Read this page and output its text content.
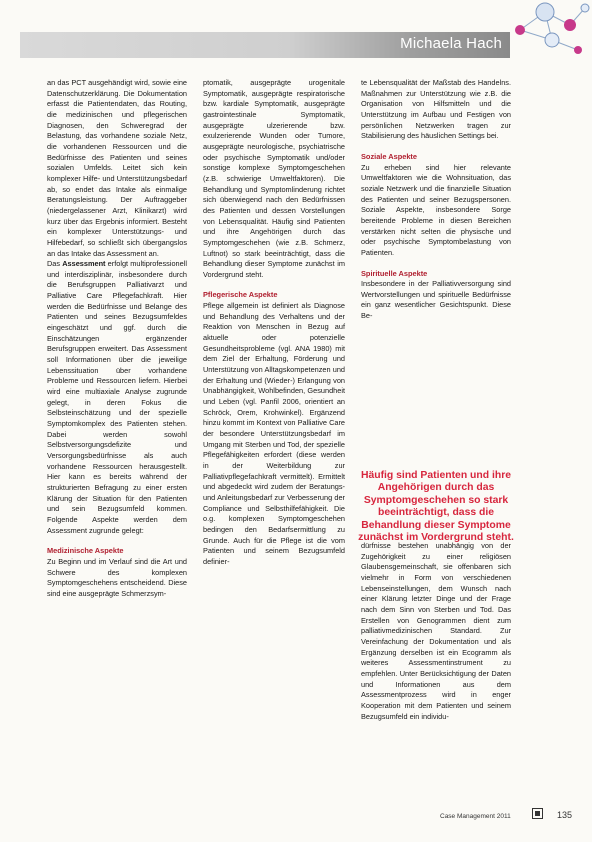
Michaela Hach

an das PCT ausgehändigt wird, sowie eine Datenschutzerklärung. Die Dokumentation erfasst die Patientendaten, das Routing, die medizinischen und pflegerischen Diagnosen, den Schweregrad der Belastung, das vorhandene soziale Netz, die vorhandenen Ressourcen und die Bedürfnisse des Patienten und seines sozialen Umfelds. Leitet sich kein komplexer Hilfe- und Unterstützungsbedarf ab, so endet das Intake als einmalige Beratungsleistung. Der Auftraggeber (niedergelassener Arzt, Klinikarzt) wird kurz über das Ergebnis informiert. Besteht ein komplexer Unterstützungs- und Hilfebedarf, so schließt sich übergangslos an das Intake das Assessment an.

Das Assessment erfolgt multiprofessionell und interdisziplinär, insbesondere durch die Berufsgruppen Palliativarzt und Palliative Care Pflegefachkraft. Hier werden die Bedürfnisse und Belange des Patienten und seines Bezugsumfeldes eingeschätzt und ggf. durch die Einschätzungen ergänzender Berufsgruppen erweitert. Das Assessment soll Informationen über die jeweilige Lebenssituation über vorhandene Probleme und Ressourcen liefern. Hierbei wird eine multiaxiale Analyse zugrunde gelegt, in deren Fokus die Selbsteinschätzung und der spezielle Symptomkomplex des Patienten stehen. Dabei werden sowohl Selbstversorgungsdefizite und Versorgungsbedürfnisse als auch vorhandene Ressourcen herausgestellt. Hier kann es bereits während der strukturierten Befragung zu einer ersten Klärung der Situation für den Patienten und sein Bezugsumfeld kommen. Folgende Aspekte werden dem Assessment zugrunde gelegt:

Medizinische Aspekte

Zu Beginn und im Verlauf sind die Art und Schwere des komplexen Symptomgeschehens entscheidend. Diese sind eine ausgeprägte Schmerzsym-

ptomatik, ausgeprägte urogenitale Symptomatik, ausgeprägte respiratorische bzw. kardiale Symptomatik, ausgeprägte gastrointestinale Symptomatik, ausgeprägte ulzerierende bzw. exulzerierende Wunden oder Tumore, ausgeprägte neurologische, psychiatrische oder psychische Symptomatik und/oder sonstige komplexe Symptomgeschehen (z.B. schwierige Umweltfaktoren). Die Behandlung und Symptomlinderung richtet sich überwiegend nach den Bedürfnissen des Patienten und dessen Vorstellungen von Lebensqualität. Häufig sind Patienten und ihre Angehörigen durch das Symptomgeschehen (wie z.B. Schmerz, Luftnot) so stark beeinträchtigt, dass die Behandlung dieser Symptome zunächst im Vordergrund steht.

Pflegerische Aspekte

Pflege allgemein ist definiert als Diagnose und Behandlung des Verhaltens und der Reaktion von Menschen in Bezug auf aktuelle oder potenzielle Gesundheitsprobleme (vgl. ANA 1980) mit dem Ziel der Erhaltung, Förderung und Unterstützung von Alltagskompetenzen und der Erhaltung und (Wieder-) Erlangung von Unabhängigkeit, Wohlbefinden, Gesundheit und Leben (vgl. Panfil 2006, orientiert an Schröck, Orem, Krohwinkel). Ergänzend hinzu kommt im Kontext von Palliative Care der besondere Unterstützungsbedarf im Umgang mit Sterben und Tod, der spezielle Pflegefähigkeiten erfordert (diese werden in der Weiterbildung zur Palliativpflegefachkraft vermittelt). Ermittelt und abgedeckt wird zudem der Beratungs- und Anleitungsbedarf zur Verbesserung der Compliance und Selbsthilfefähigkeit. Die o.g. komplexen Symptomgeschehen bedingen den Bedarfsermittlung zu Grunde. Auch für die Pflege ist die vom Patienten und seinem Bezugsumfeld definier-

te Lebensqualität der Maßstab des Handelns. Maßnahmen zur Unterstützung wie z.B. die Organisation von Hilfsmitteln und die Unterstützung im Aufbau und Festigen von persönlichen Netzwerken tragen zur Stabilisierung des häuslichen Settings bei.

Soziale Aspekte

Zu erheben sind hier relevante Umweltfaktoren wie die Wohnsituation, das soziale Netzwerk und die finanzielle Situation des Patienten und seiner Bezugspersonen. Soziale Aspekte, insbesondere Sorge bereitende Probleme in diesen Bereichen verstärken nicht selten die physische und oder psychische Symptombelastung von Patienten.

Spirituelle Aspekte

Insbesondere in der Palliativversorgung sind Wertvorstellungen und spirituelle Bedürfnisse ein ganz wesentlicher Gesichtspunkt. Diese Be-

Häufig sind Patienten und ihre Angehörigen durch das Symptomgeschehen so stark beeinträchtigt, dass die Behandlung dieser Symptome zunächst im Vordergrund steht.

dürfnisse bestehen unabhängig von der Zugehörigkeit zu einer religiösen Glaubensgemeinschaft, sie offenbaren sich vielmehr in Form von verschiedenen Lebenseinstellungen, dem Wunsch nach einer Klärung letzter Dinge und der Frage nach dem Sinn von Sterben und Tod. Das Erstellen von Genogrammen dient zum palliativmedizinischen Standard. Zur Vereinfachung der Dokumentation und als Ergänzung derselben ist ein Ecogramm als weiteres Assessmentinstrument zu empfehlen. Unter Berücksichtigung der Daten und Informationen aus dem Assessmentprozess wird in enger Kooperation mit dem Patienten und seinem Bezugsumfeld ein individu-

Case Management 2011	135
